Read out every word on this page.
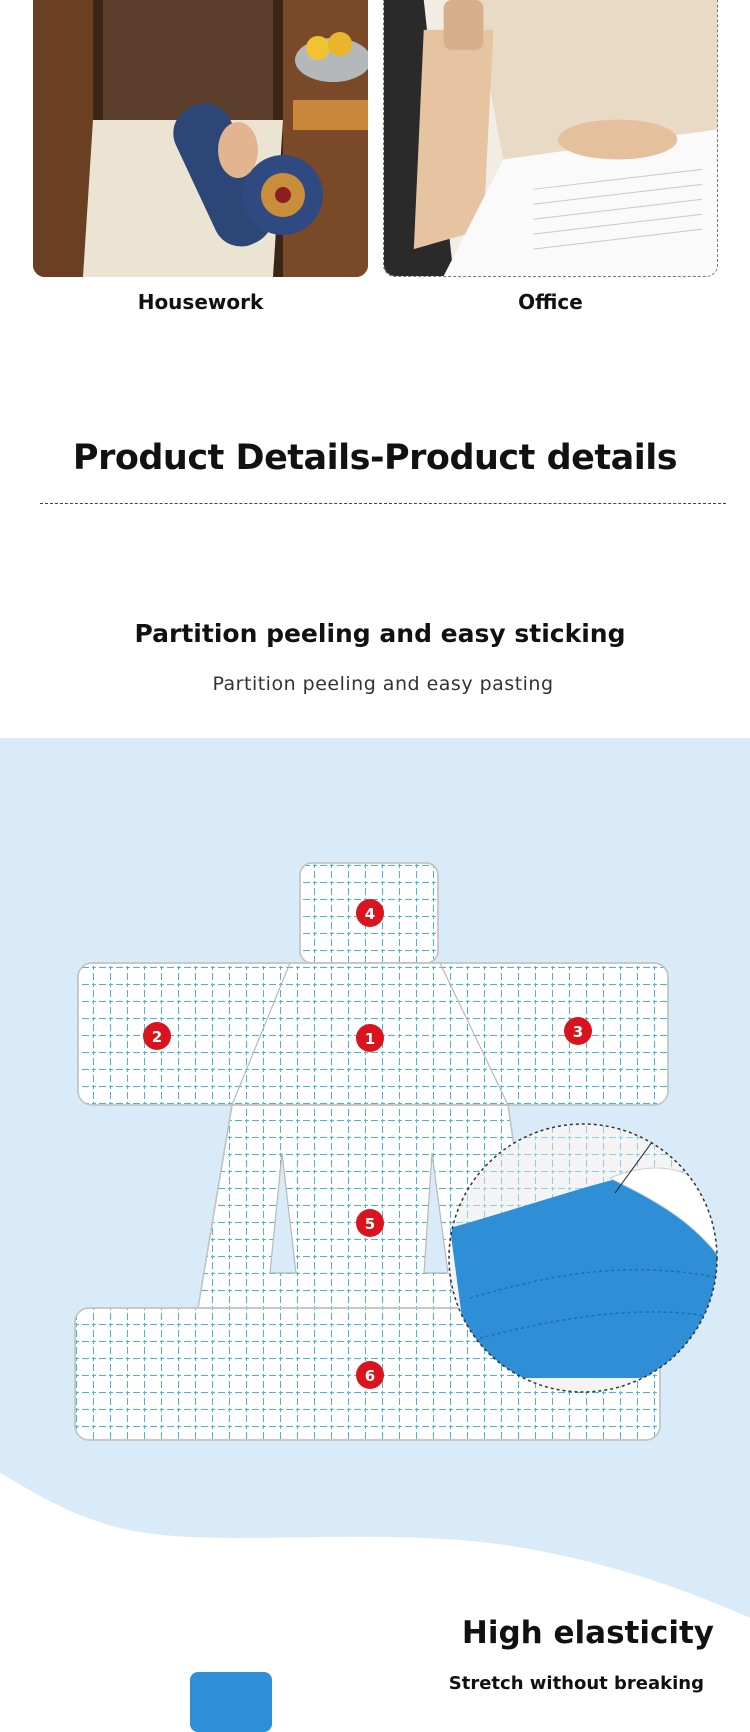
Housework	Office
Product Details-Product details
Partition peeling and easy sticking
Partition peeling and easy pasting
4
2	1	3
5
6
High elasticity
Stretch without breaking
